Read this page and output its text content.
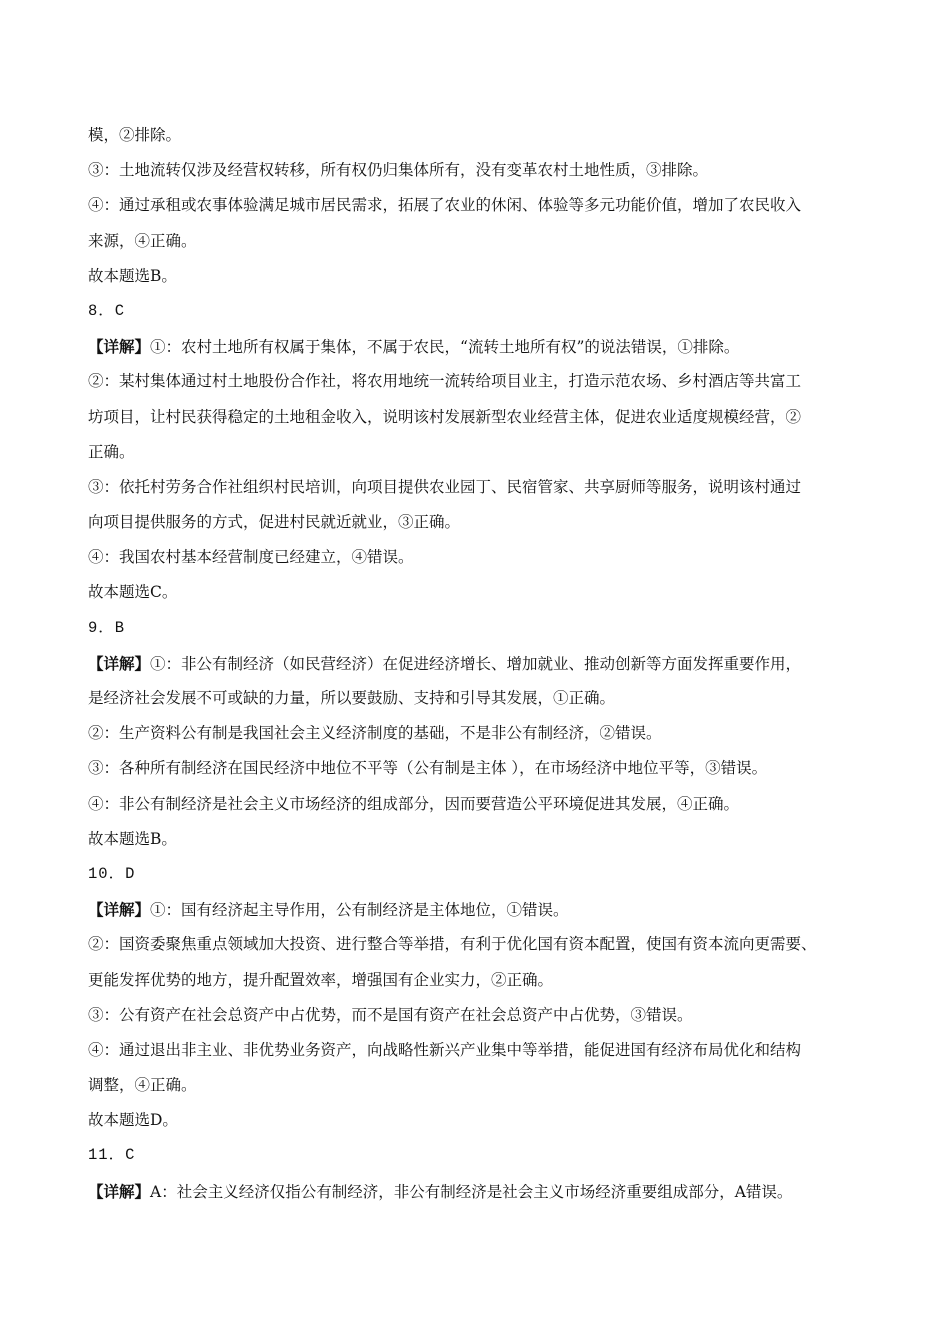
模，②排除。
③：土地流转仅涉及经营权转移，所有权仍归集体所有，没有变革农村土地性质，③排除。
④：通过承租或农事体验满足城市居民需求，拓展了农业的休闲、体验等多元功能价值，增加了农民收入
来源，④正确。
故本题选B。
8．C
【详解】①：农村土地所有权属于集体，不属于农民，“流转土地所有权”的说法错误，①排除。
②：某村集体通过村土地股份合作社，将农用地统一流转给项目业主，打造示范农场、乡村酒店等共富工
坊项目，让村民获得稳定的土地租金收入，说明该村发展新型农业经营主体，促进农业适度规模经营，②
正确。
③：依托村劳务合作社组织村民培训，向项目提供农业园丁、民宿管家、共享厨师等服务，说明该村通过
向项目提供服务的方式，促进村民就近就业，③正确。
④：我国农村基本经营制度已经建立，④错误。
故本题选C。
9．B
【详解】①：非公有制经济（如民营经济）在促进经济增长、增加就业、推动创新等方面发挥重要作用，
是经济社会发展不可或缺的力量，所以要鼓励、支持和引导其发展，①正确。
②：生产资料公有制是我国社会主义经济制度的基础，不是非公有制经济，②错误。
③：各种所有制经济在国民经济中地位不平等（公有制是主体 ），在市场经济中地位平等，③错误。
④：非公有制经济是社会主义市场经济的组成部分，因而要营造公平环境促进其发展，④正确。
故本题选B。
10．D
【详解】①：国有经济起主导作用，公有制经济是主体地位，①错误。
②：国资委聚焦重点领域加大投资、进行整合等举措，有利于优化国有资本配置，使国有资本流向更需要、
更能发挥优势的地方，提升配置效率，增强国有企业实力，②正确。
③：公有资产在社会总资产中占优势，而不是国有资产在社会总资产中占优势，③错误。
④：通过退出非主业、非优势业务资产，向战略性新兴产业集中等举措，能促进国有经济布局优化和结构
调整，④正确。
故本题选D。
11．C
【详解】A：社会主义经济仅指公有制经济，非公有制经济是社会主义市场经济重要组成部分，A错误。
